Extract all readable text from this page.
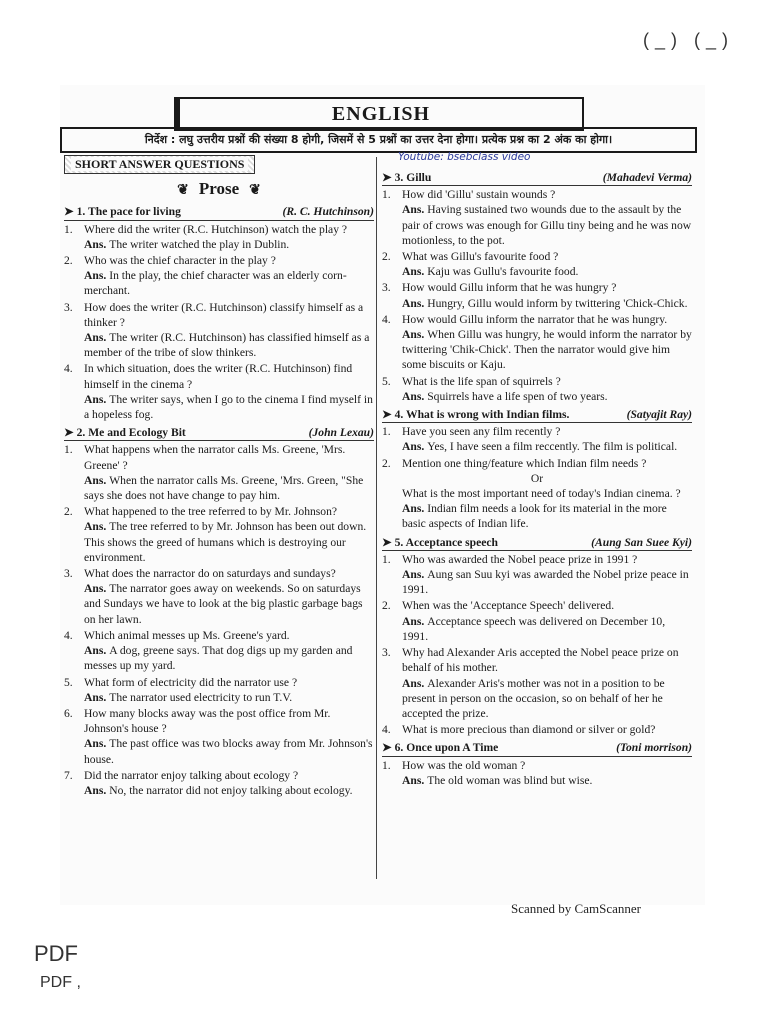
(_) (_)
ENGLISH
निर्देश : लघु उत्तरीय प्रश्नों की संख्या 8 होगी, जिसमें से 5 प्रश्नों का उत्तर देना होगा। प्रत्येक प्रश्न का 2 अंक का होगा।
SHORT ANSWER QUESTIONS
❦ Prose ❦
➤ 1. The pace for living	(R. C. Hutchinson)
1. Where did the writer (R.C. Hutchinson) watch the play ?
Ans. The writer watched the play in Dublin.
2. Who was the chief character in the play ?
Ans. In the play, the chief character was an elderly corn-merchant.
3. How does the writer (R.C. Hutchinson) classify himself as a thinker ?
Ans. The writer (R.C. Hutchinson) has classified himself as a member of the tribe of slow thinkers.
4. In which situation, does the writer (R.C. Hutchinson) find himself in the cinema ?
Ans. The writer says, when I go to the cinema I find myself in a hopeless fog.
➤ 2. Me and Ecology Bit	(John Lexau)
1. What happens when the narrator calls Ms. Greene, 'Mrs. Greene' ?
Ans. When the narrator calls Ms. Greene, 'Mrs. Green, "She says she does not have change to pay him.
2. What happened to the tree referred to by Mr. Johnson?
Ans. The tree referred to by Mr. Johnson has been out down. This shows the greed of humans which is destroying our environment.
3. What does the narractor do on saturdays and sundays?
Ans. The narrator goes away on weekends. So on saturdays and Sundays we have to look at the big plastic garbage bags on her lawn.
4. Which animal messes up Ms. Greene's yard.
Ans. A dog, greene says. That dog digs up my garden and messes up my yard.
5. What form of electricity did the narrator use ?
Ans. The narrator used electricity to run T.V.
6. How many blocks away was the post office from Mr. Johnson's house ?
Ans. The past office was two blocks away from Mr. Johnson's house.
7. Did the narrator enjoy talking about ecology ?
Ans. No, the narrator did not enjoy talking about ecology.
➤ 3. Gillu	(Mahadevi Verma)
1. How did 'Gillu' sustain wounds ?
Ans. Having sustained two wounds due to the assault by the pair of crows was enough for Gillu tiny being and he was now motionless, to the pot.
2. What was Gillu's favourite food ?
Ans. Kaju was Gullu's favourite food.
3. How would Gillu inform that he was hungry ?
Ans. Hungry, Gillu would inform by twittering 'Chick-Chick.
4. How would Gillu inform the narrator that he was hungry.
Ans. When Gillu was hungry, he would inform the narrator by twittering 'Chik-Chick'. Then the narrator would give him some biscuits or Kaju.
5. What is the life span of squirrels ?
Ans. Squirrels have a life spen of two years.
➤ 4. What is wrong with Indian films.	(Satyajit Ray)
1. Have you seen any film recently ?
Ans. Yes, I have seen a film reccently. The film is political.
2. Mention one thing/feature which Indian film needs ?
Or
What is the most important need of today's Indian cinema. ?
Ans. Indian film needs a look for its material in the more basic aspects of Indian life.
➤ 5. Acceptance speech	(Aung San Suee Kyi)
1. Who was awarded the Nobel peace prize in 1991 ?
Ans. Aung san Suu kyi was awarded the Nobel prize peace in 1991.
2. When was the 'Acceptance Speech' delivered.
Ans. Acceptance speech was delivered on December 10, 1991.
3. Why had Alexander Aris accepted the Nobel peace prize on behalf of his mother.
Ans. Alexander Aris's mother was not in a position to be present in person on the occasion, so on behalf of her he accepted the prize.
4. What is more precious than diamond or silver or gold?
➤ 6. Once upon A Time	(Toni morrison)
1. How was the old woman ?
Ans. The old woman was blind but wise.
Youtube: bsebclass video
Scanned by CamScanner
PDF
PDF ,
